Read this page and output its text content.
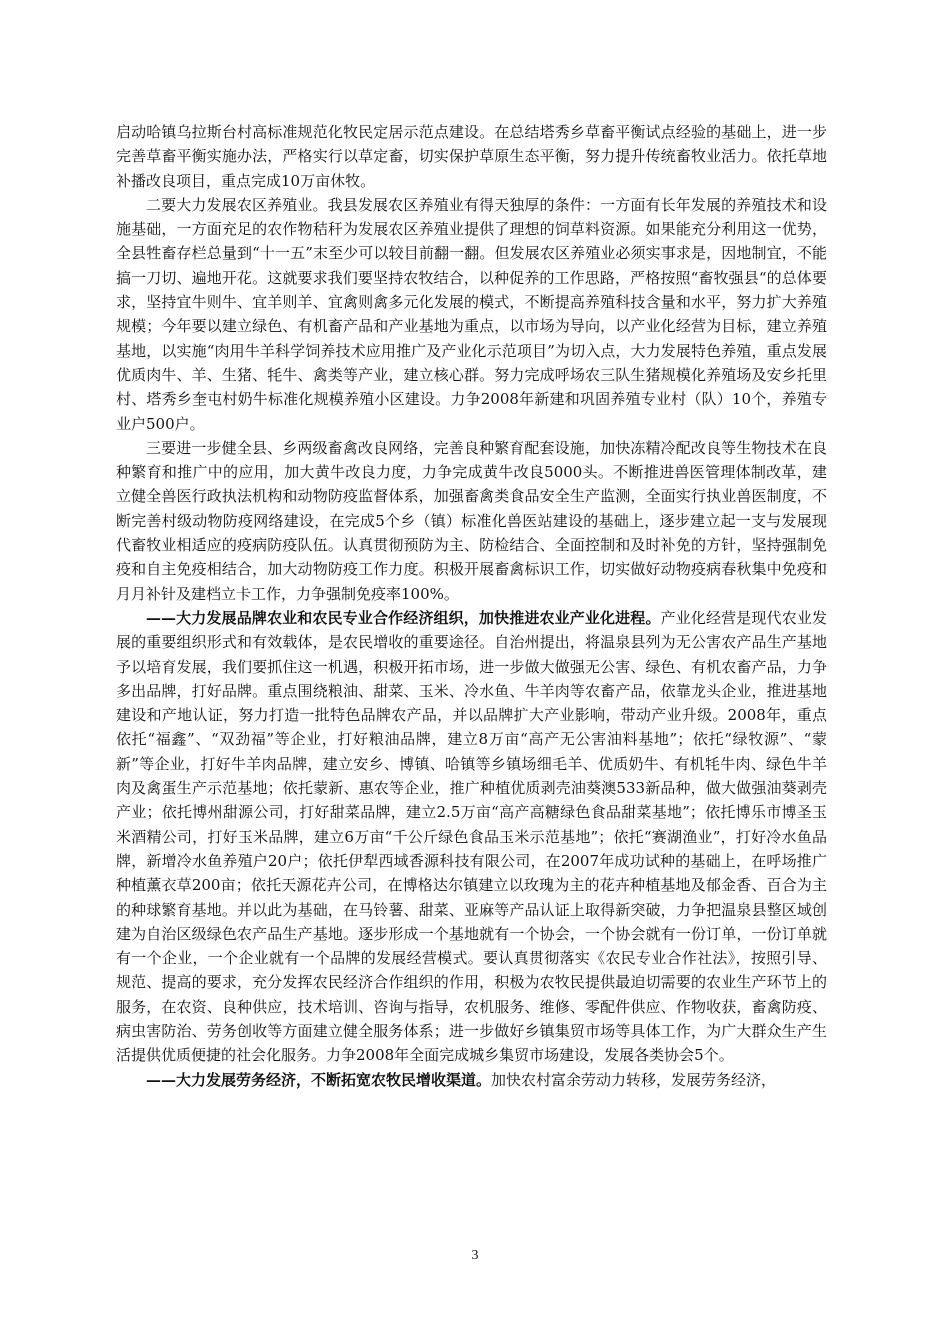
启动哈镇乌拉斯台村高标准规范化牧民定居示范点建设。在总结塔秀乡草畜平衡试点经验的基础上，进一步完善草畜平衡实施办法，严格实行以草定畜，切实保护草原生态平衡，努力提升传统畜牧业活力。依托草地补播改良项目，重点完成10万亩休牧。

二要大力发展农区养殖业。我县发展农区养殖业有得天独厚的条件：一方面有长年发展的养殖技术和设施基础，一方面充足的农作物秸秆为发展农区养殖业提供了理想的饲草料资源。如果能充分利用这一优势，全县牲畜存栏总量到“十一五”末至少可以较目前翻一翻。但发展农区养殖业必须实事求是，因地制宜，不能搞一刀切、遍地开花。这就要求我们要坚持农牧结合，以种促养的工作思路，严格按照“畜牧强县“的总体要求，坚持宜牛则牛、宜羊则羊、宜禽则禽多元化发展的模式，不断提高养殖科技含量和水平，努力扩大养殖规模；今年要以建立绿色、有机畜产品和产业基地为重点，以市场为导向，以产业化经营为目标，建立养殖基地，以实施“肉用牛羊科学饲养技术应用推广及产业化示范项目”为切入点，大力发展特色养殖，重点发展优质肉牛、羊、生猪、牦牛、禽类等产业，建立核心群。努力完成呼场农三队生猪规模化养殖场及安乡托里村、塔秀乡奎屯村奶牛标准化规模养殖小区建设。力争2008年新建和巩固养殖专业村（队）10个，养殖专业户500户。

三要进一步健全县、乡两级畜禽改良网络，完善良种繁育配套设施，加快冻精冷配改良等生物技术在良种繁育和推广中的应用，加大黄牛改良力度，力争完成黄牛改良5000头。不断推进兽医管理体制改革，建立健全兽医行政执法机构和动物防疫监督体系，加强畜禽类食品安全生产监测，全面实行执业兽医制度，不断完善村级动物防疫网络建设，在完成5个乡（镇）标准化兽医站建设的基础上，逐步建立起一支与发展现代畜牧业相适应的疫病防疫队伍。认真贯彻预防为主、防检结合、全面控制和及时补免的方针，坚持强制免疫和自主免疫相结合，加大动物防疫工作力度。积极开展畜禽标识工作，切实做好动物疫病春秋集中免疫和月月补针及建档立卡工作，力争强制免疫率100%。

——大力发展品牌农业和农民专业合作经济组织，加快推进农业产业化进程。产业化经营是现代农业发展的重要组织形式和有效载体，是农民增收的重要途径。自治州提出，将温泉县列为无公害农产品生产基地予以培育发展，我们要抓住这一机遇，积极开拓市场，进一步做大做强无公害、绿色、有机农畜产品，力争多出品牌，打好品牌。重点围绕粮油、甜菜、玉米、冷水鱼、牛羊肉等农畜产品，依靠龙头企业，推进基地建设和产地认证，努力打造一批特色品牌农产品，并以品牌扩大产业影响，带动产业升级。2008年，重点依托“福鑫”、“双劲福”等企业，打好粮油品牌，建立8万亩“高产无公害油料基地”；依托“绿牧源”、“蒙新”等企业，打好牛羊肉品牌，建立安乡、博镇、哈镇等乡镇场细毛羊、优质奶牛、有机牦牛肉、绿色牛羊肉及禽蛋生产示范基地；依托蒙新、惠农等企业，推广种植优质剥壳油葵澳533新品种，做大做强油葵剥壳产业；依托博州甜源公司，打好甜菜品牌，建立2.5万亩“高产高糖绿色食品甜菜基地”；依托博乐市博圣玉米酒精公司，打好玉米品牌，建立6万亩“千公斤绿色食品玉米示范基地”；依托“赛湖渔业”，打好冷水鱼品牌，新增冷水鱼养殖户20户；依托伊犁西域香源科技有限公司，在2007年成功试种的基础上，在呼场推广种植薰衣草200亩；依托天源花卉公司，在博格达尔镇建立以玫瑰为主的花卉种植基地及郁金香、百合为主的种球繁育基地。并以此为基础，在马铃薯、甜菜、亚麻等产品认证上取得新突破，力争把温泉县整区域创建为自治区级绿色农产品生产基地。逐步形成一个基地就有一个协会，一个协会就有一份订单，一份订单就有一个企业，一个企业就有一个品牌的发展经营模式。要认真贯彻落实《农民专业合作社法》，按照引导、规范、提高的要求，充分发挥农民经济合作组织的作用，积极为农牧民提供最迫切需要的农业生产环节上的服务，在农资、良种供应，技术培训、咨询与指导，农机服务、维修、零配件供应、作物收获，畜禽防疫、病虫害防治、劳务创收等方面建立健全服务体系；进一步做好乡镇集贸市场等具体工作，为广大群众生产生活提供优质便捷的社会化服务。力争2008年全面完成城乡集贸市场建设，发展各类协会5个。

——大力发展劳务经济，不断拓宽农牧民增收渠道。加快农村富余劳动力转移，发展劳务经济，

3
